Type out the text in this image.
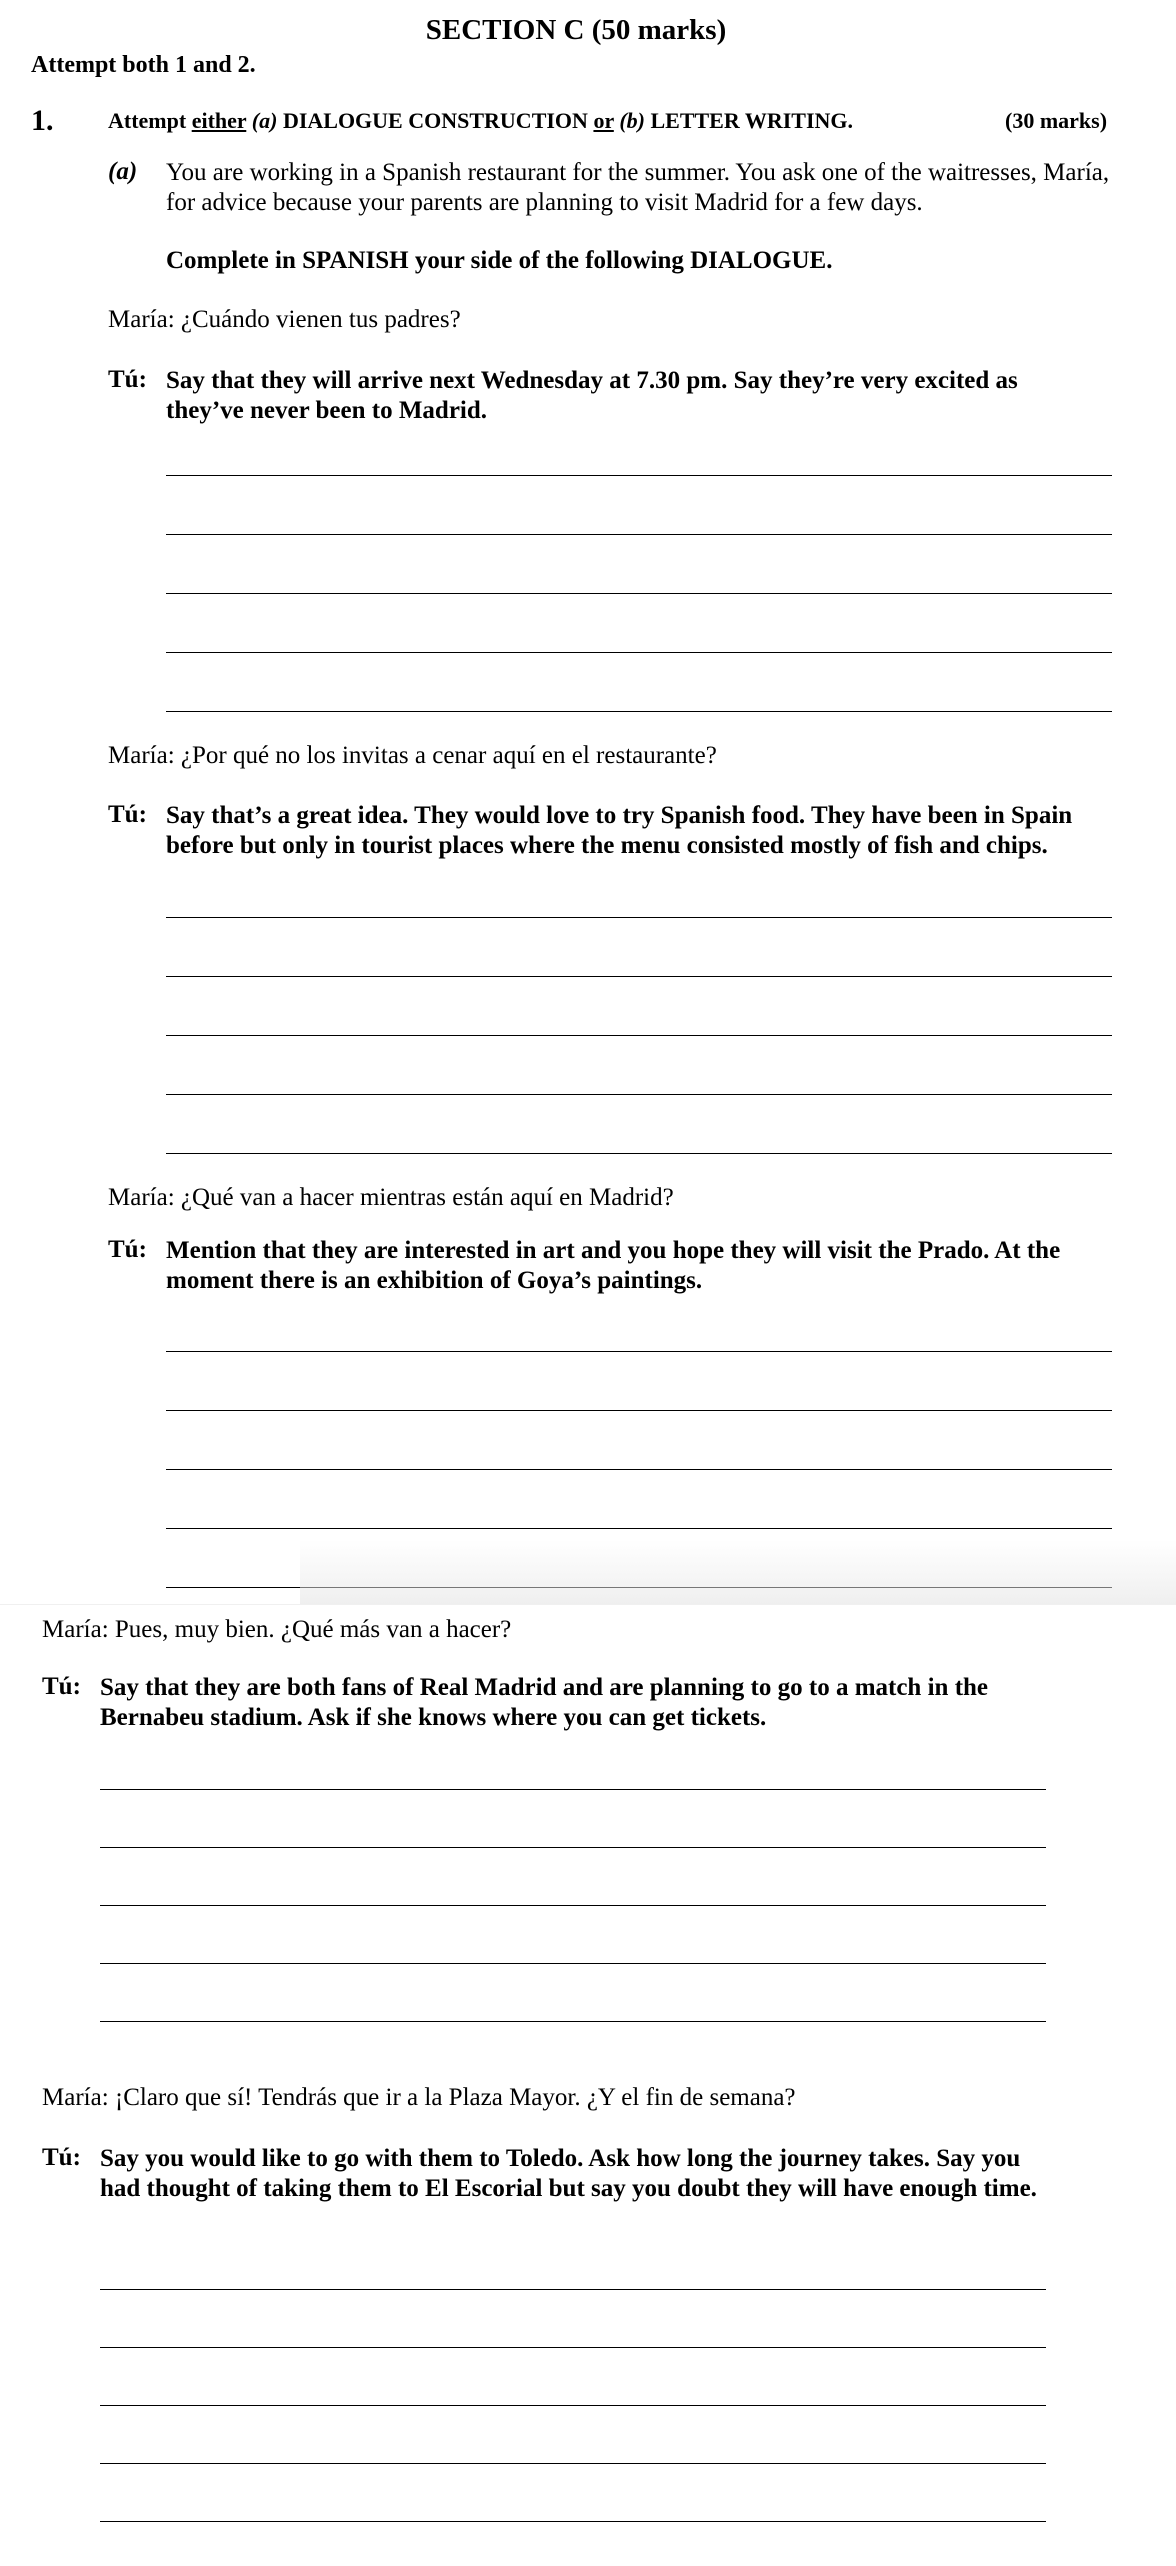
SECTION C (50 marks)
Attempt both 1 and 2.
1. Attempt either (a) DIALOGUE CONSTRUCTION or (b) LETTER WRITING.	(30 marks)
(a) You are working in a Spanish restaurant for the summer. You ask one of the waitresses, María, for advice because your parents are planning to visit Madrid for a few days.
Complete in SPANISH your side of the following DIALOGUE.
María: ¿Cuándo vienen tus padres?
Tú: Say that they will arrive next Wednesday at 7.30 pm. Say they’re very excited as they’ve never been to Madrid.
María: ¿Por qué no los invitas a cenar aquí en el restaurante?
Tú: Say that’s a great idea. They would love to try Spanish food. They have been in Spain before but only in tourist places where the menu consisted mostly of fish and chips.
María: ¿Qué van a hacer mientras están aquí en Madrid?
Tú: Mention that they are interested in art and you hope they will visit the Prado. At the moment there is an exhibition of Goya’s paintings.
María: Pues, muy bien. ¿Qué más van a hacer?
Tú: Say that they are both fans of Real Madrid and are planning to go to a match in the Bernabeu stadium. Ask if she knows where you can get tickets.
María: ¡Claro que sí! Tendrás que ir a la Plaza Mayor. ¿Y el fin de semana?
Tú: Say you would like to go with them to Toledo. Ask how long the journey takes. Say you had thought of taking them to El Escorial but say you doubt they will have enough time.
